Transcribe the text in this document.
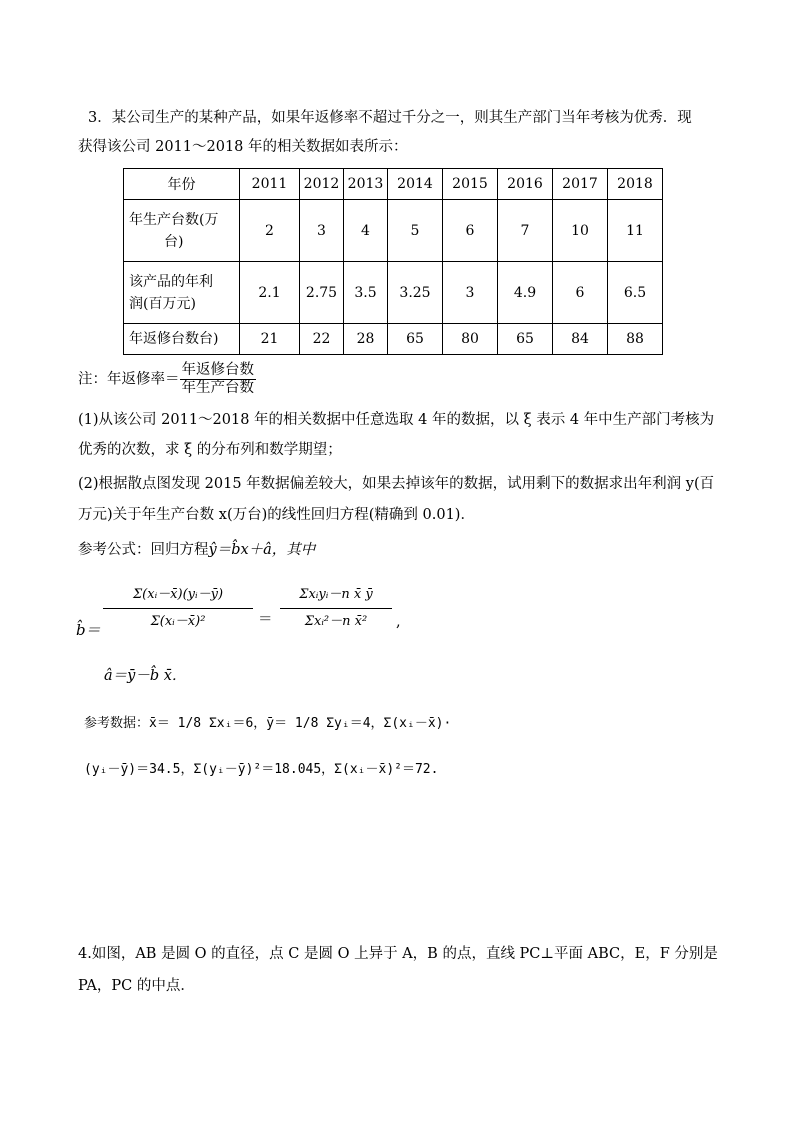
3．某公司生产的某种产品，如果年返修率不超过千分之一，则其生产部门当年考核为优秀．现
获得该公司 2011～2018 年的相关数据如表所示：
年份	2011	2012	2013	2014	2015	2016	2017	2018

年生产台数(万
台)	2	3	4	5	6	7	10	11

该产品的年利
润(百万元)	2.1	2.75	3.5	3.25	3	4.9	6	6.5
年返修台数台)	21	22	28	65	80	65	84	88
注：年返修率＝ $\frac{\text{年返修台数}}{\text{年生产台数}}$
(1)从该公司 2011～2018 年的相关数据中任意选取 4 年的数据，以 ξ 表示 4 年中生产部门考核为
优秀的次数，求 ξ 的分布列和数学期望；
(2)根据散点图发现 2015 年数据偏差较大，如果去掉该年的数据，试用剩下的数据求出年利润 y(百
万元)关于年生产台数 x(万台)的线性回归方程(精确到 0.01)．
参考公式：回归方程ŷ＝b̂x＋â，其中
b̂＝ $\frac{\text{Σ(xᵢ－x̄)(yᵢ－ȳ)}}{\text{Σ(xᵢ－x̄)²}}$ ＝
Σxᵢyᵢ－n x̄ ȳ
Σxᵢ²－n x̄²	,
â＝ȳ－b̂ x̄．
参考数据：x̄＝ 1/8 Σxᵢ＝6，ȳ＝ 1/8 Σyᵢ＝4，Σ(xᵢ－x̄)·
(yᵢ－ȳ)＝34.5，Σ(yᵢ－ȳ)²＝18.045，Σ(xᵢ－x̄)²＝72.
4.如图，AB 是圆 O 的直径，点 C 是圆 O 上异于 A，B 的点，直线 PC⊥平面 ABC，E，F 分别是
PA，PC 的中点．
